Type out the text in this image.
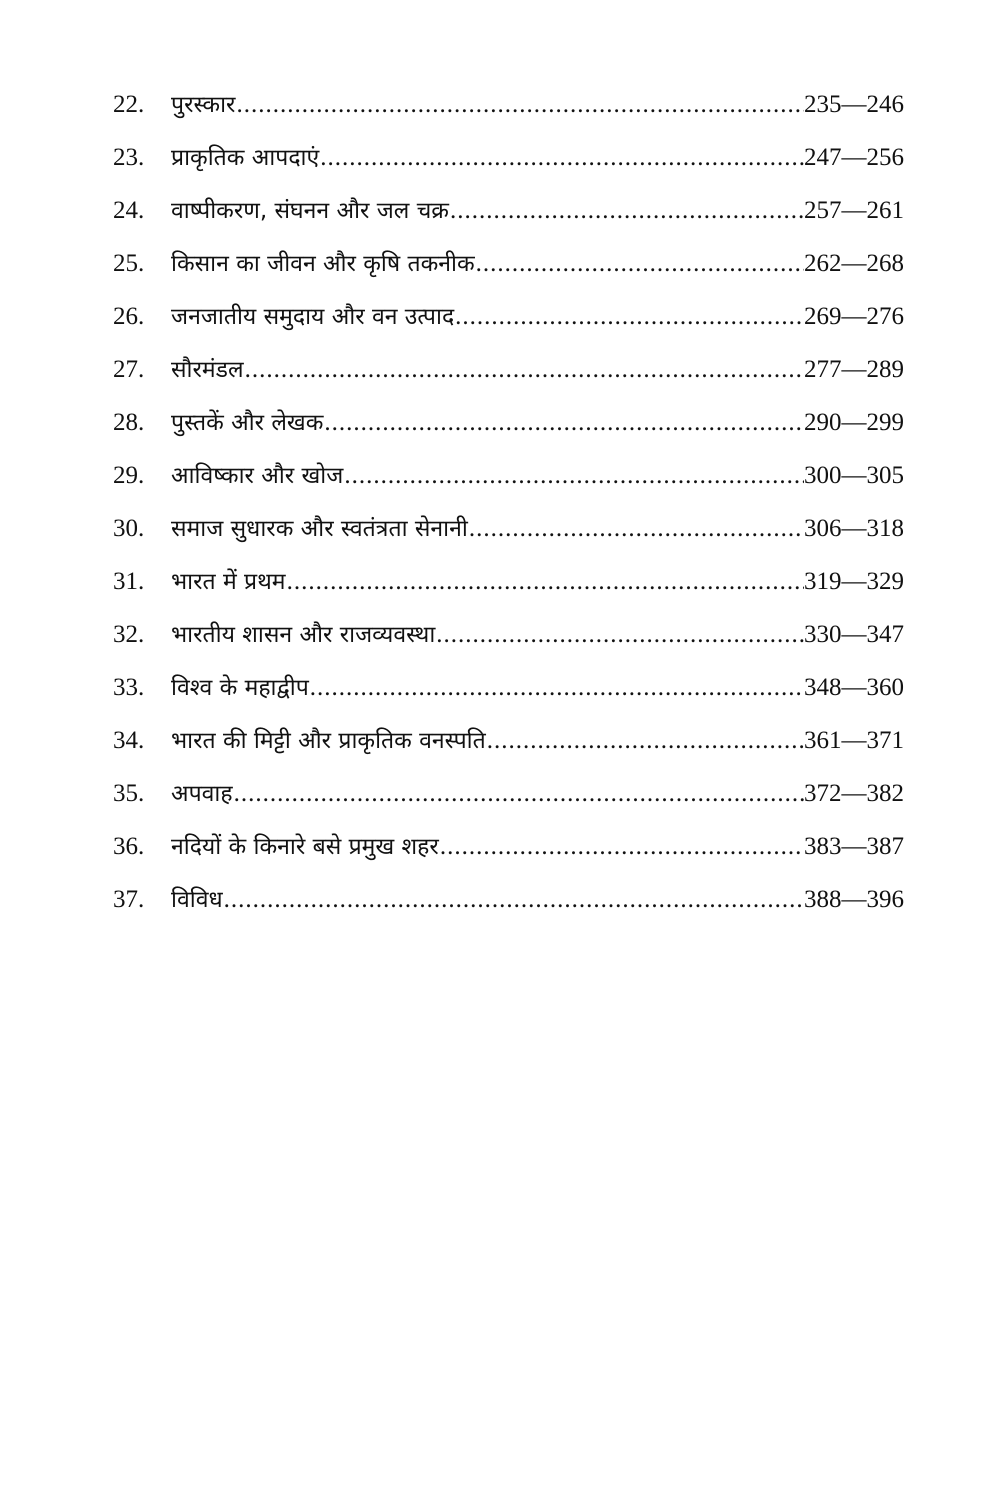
22.	पुरस्कार .....	235—246
23.	प्राकृतिक आपदाएं .....	247—256
24.	वाष्पीकरण, संघनन और जल चक्र .....	257—261
25.	किसान का जीवन और कृषि तकनीक .....	262—268
26.	जनजातीय समुदाय और वन उत्पाद .....	269—276
27.	सौरमंडल .....	277—289
28.	पुस्तकें और लेखक .....	290—299
29.	आविष्कार और खोज .....	300—305
30.	समाज सुधारक और स्वतंत्रता सेनानी .....	306—318
31.	भारत में प्रथम .....	319—329
32.	भारतीय शासन और राजव्यवस्था .....	330—347
33.	विश्व के महाद्वीप .....	348—360
34.	भारत की मिट्टी और प्राकृतिक वनस्पति .....	361—371
35.	अपवाह .....	372—382
36.	नदियों के किनारे बसे प्रमुख शहर .....	383—387
37.	विविध .....	388—396
